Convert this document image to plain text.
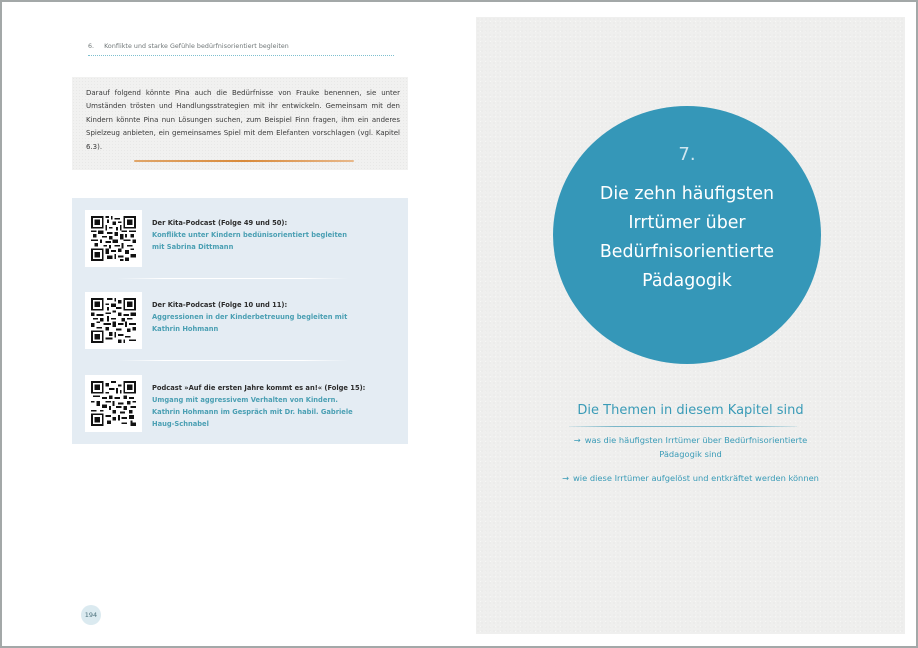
6. Konflikte und starke Gefühle bedürfnisorientiert begleiten

Darauf folgend könnte Pina auch die Bedürfnisse von Frauke benennen, sie unter Umständen trösten und Handlungsstrategien mit ihr entwickeln. Gemeinsam mit den Kindern könnte Pina nun Lösungen suchen, zum Beispiel Finn fragen, ihm ein anderes Spielzeug anbieten, ein gemeinsames Spiel mit dem Elefanten vorschlagen (vgl. Kapitel 6.3).

Der Kita-Podcast (Folge 49 und 50):
Konflikte unter Kindern bedünisorientiert begleiten
mit Sabrina Dittmann
Der Kita-Podcast (Folge 10 und 11):
Aggressionen in der Kinderbetreuung begleiten mit
Kathrin Hohmann
Podcast »Auf die ersten Jahre kommt es an!« (Folge 15):
Umgang mit aggressivem Verhalten von Kindern.
Kathrin Hohmann im Gespräch mit Dr. habil. Gabriele
Haug-Schnabel
194
7.
Die zehn häufigsten
Irrtümer über
Bedürfnisorientierte
Pädagogik
Die Themen in diesem Kapitel sind
→ was die häufigsten Irrtümer über Bedürfnisorientierte
Pädagogik sind
→ wie diese Irrtümer aufgelöst und entkräftet werden können
